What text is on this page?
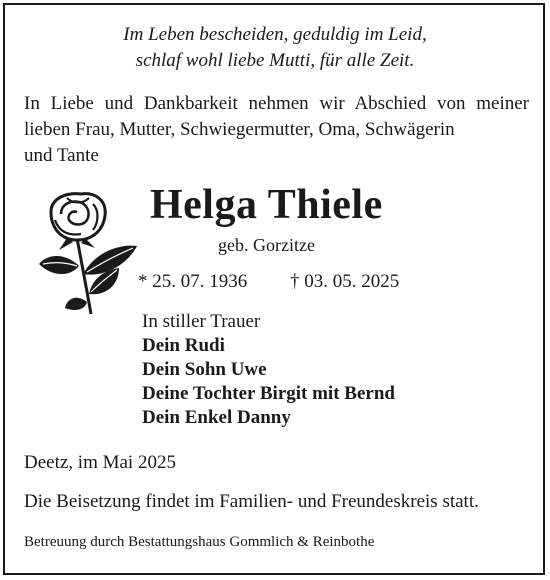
Im Leben bescheiden, geduldig im Leid,
schlaf wohl liebe Mutti, für alle Zeit.
In Liebe und Dankbarkeit nehmen wir Abschied von meiner lieben Frau, Mutter, Schwiegermutter, Oma, Schwägerin
und Tante
Helga Thiele
geb. Gorzitze
* 25. 07. 1936 † 03. 05. 2025
In stiller Trauer
Dein Rudi
Dein Sohn Uwe
Deine Tochter Birgit mit Bernd
Dein Enkel Danny
Deetz, im Mai 2025
Die Beisetzung findet im Familien- und Freundeskreis statt.
Betreuung durch Bestattungshaus Gommlich & Reinbothe
